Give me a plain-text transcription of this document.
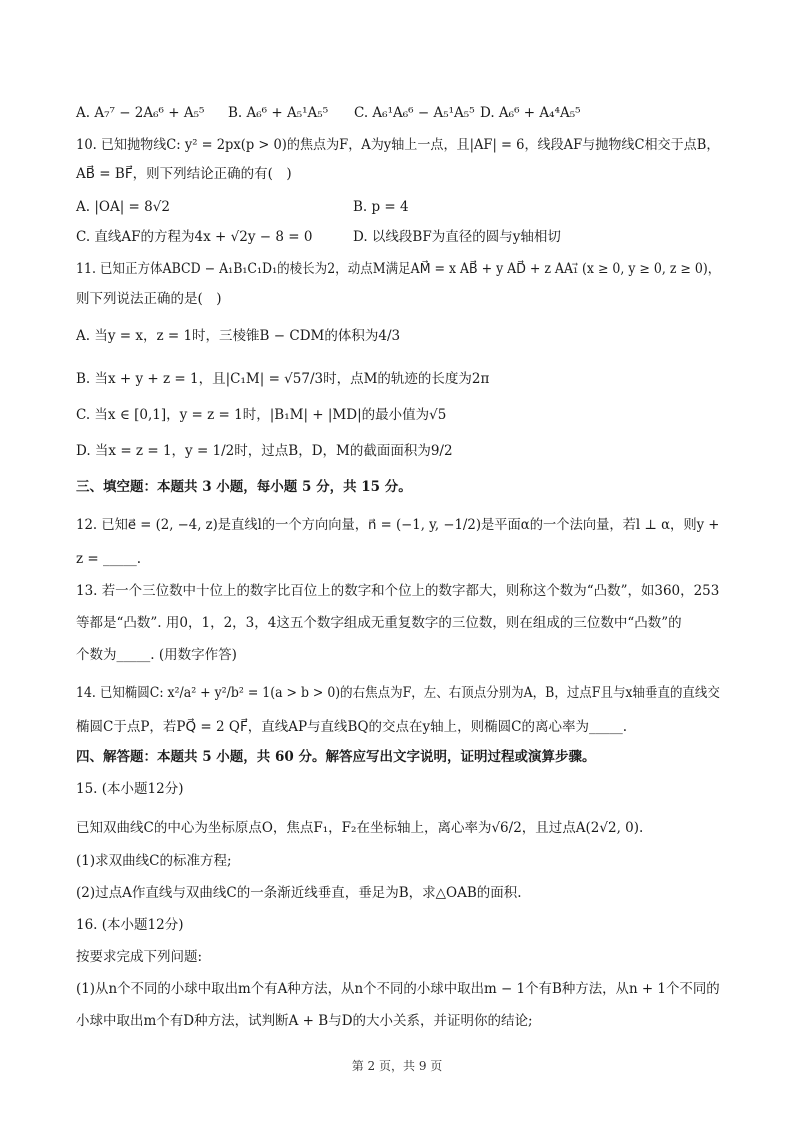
A. A₇⁷ − 2A₆⁶ + A₅⁵ B. A₆⁶ + A₅¹A₅⁵ C. A₆¹A₆⁶ − A₅¹A₅⁵ D. A₆⁶ + A₄⁴A₅⁵
10. 已知抛物线C: y² = 2px(p > 0)的焦点为F，A为y轴上一点，且|AF| = 6，线段AF与抛物线C相交于点B，
AB⃗ = BF⃗，则下列结论正确的有(　)
A. |OA| = 8√2	B. p = 4
C. 直线AF的方程为4x + √2y − 8 = 0	D. 以线段BF为直径的圆与y轴相切
11. 已知正方体ABCD − A₁B₁C₁D₁的棱长为2，动点M满足AM⃗ = x AB⃗ + y AD⃗ + z AA₁⃗ (x ≥ 0, y ≥ 0, z ≥ 0)，
则下列说法正确的是(　)
A. 当y = x，z = 1时，三棱锥B − CDM的体积为4/3
B. 当x + y + z = 1，且|C₁M| = √57/3时，点M的轨迹的长度为2π
C. 当x ∈ [0,1]，y = z = 1时，|B₁M| + |MD|的最小值为√5
D. 当x = z = 1，y = 1/2时，过点B，D，M的截面面积为9/2
三、填空题：本题共 3 小题，每小题 5 分，共 15 分。
12. 已知e⃗ = (2, −4, z)是直线l的一个方向向量，n⃗ = (−1, y, −1/2)是平面α的一个法向量，若l ⊥ α，则y +
z = _____.
13. 若一个三位数中十位上的数字比百位上的数字和个位上的数字都大，则称这个数为“凸数”，如360，253
等都是“凸数”. 用0，1，2，3，4这五个数字组成无重复数字的三位数，则在组成的三位数中“凸数”的
个数为_____. (用数字作答)
14. 已知椭圆C: x²/a² + y²/b² = 1(a > b > 0)的右焦点为F，左、右顶点分别为A，B，过点F且与x轴垂直的直线交
椭圆C于点P，若PQ⃗ = 2 QF⃗，直线AP与直线BQ的交点在y轴上，则椭圆C的离心率为_____.
四、解答题：本题共 5 小题，共 60 分。解答应写出文字说明，证明过程或演算步骤。
15. (本小题12分)
已知双曲线C的中心为坐标原点O，焦点F₁，F₂在坐标轴上，离心率为√6/2，且过点A(2√2, 0).
(1)求双曲线C的标准方程;
(2)过点A作直线与双曲线C的一条渐近线垂直，垂足为B，求△OAB的面积.
16. (本小题12分)
按要求完成下列问题:
(1)从n个不同的小球中取出m个有A种方法，从n个不同的小球中取出m − 1个有B种方法，从n + 1个不同的
小球中取出m个有D种方法，试判断A + B与D的大小关系，并证明你的结论;
第 2 页，共 9 页
